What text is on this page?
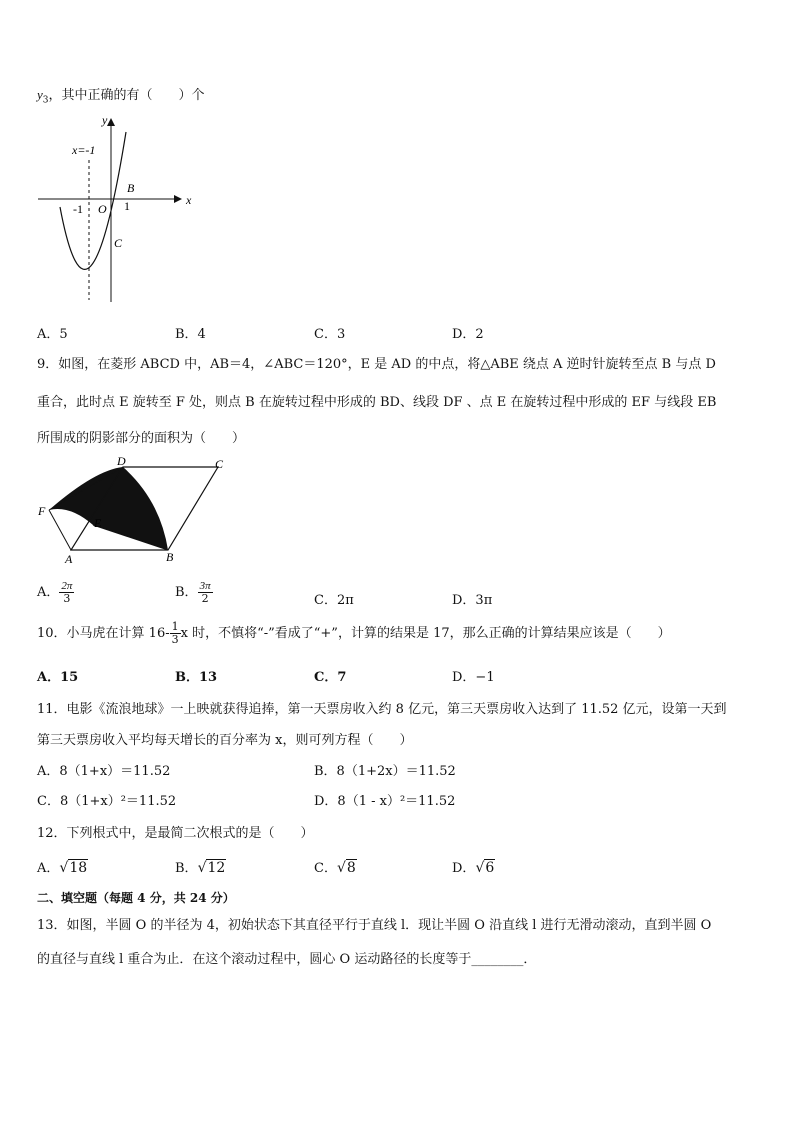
$y_3$，其中正确的有（　　）个
x=-1
y
x
-1 O 1
B
C
A．5	B．4	C．3	D．2
9．如图，在菱形 ABCD 中，AB＝4，∠ABC＝120°，E 是 AD 的中点，将△ABE 绕点 A 逆时针旋转至点 B 与点 D
重合，此时点 E 旋转至 F 处，则点 B 在旋转过程中形成的 BD、线段 DF 、点 E 在旋转过程中形成的 EF 与线段 EB
所围成的阴影部分的面积为（　　）
D	C
F
E
A	B
A． $\frac{2\pi}{3}$	B． $\frac{3\pi}{2}$	C．2π	D．3π
10．小马虎在计算 $16- \frac{1}{3}$ x 时，不慎将“-”看成了“+”，计算的结果是 17，那么正确的计算结果应该是（　　）
A．15	B．13	C．7	D．−1
11．电影《流浪地球》一上映就获得追捧，第一天票房收入约 8 亿元，第三天票房收入达到了 11.52 亿元，设第一天到
第三天票房收入平均每天增长的百分率为 x，则可列方程（　　）
A．8（1+x）＝11.52	B．8（1+2x）＝11.52
C．8（1+x）²＝11.52	D．8（1 - x）²＝11.52
12．下列根式中，是最简二次根式的是（　　）
A．√18	B．√12	C．√8	D．√6
二、填空题（每题 4 分，共 24 分）
13．如图，半圆 O 的半径为 4，初始状态下其直径平行于直线 l．现让半圆 O 沿直线 l 进行无滑动滚动，直到半圆 O
的直径与直线 l 重合为止．在这个滚动过程中，圆心 O 运动路径的长度等于________．
